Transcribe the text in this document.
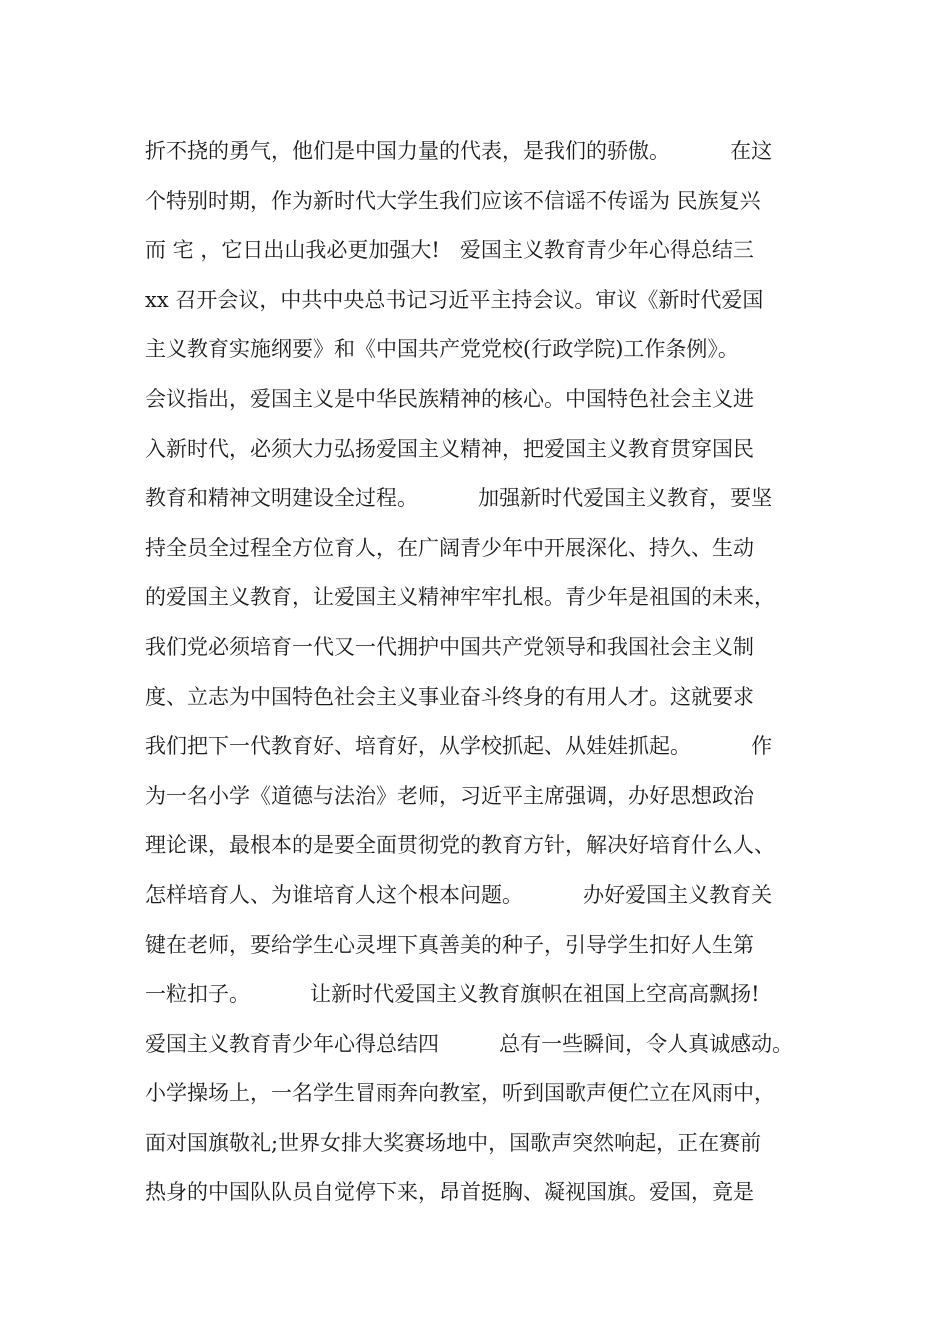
折不挠的勇气，他们是中国力量的代表，是我们的骄傲。         在这
个特别时期，作为新时代大学生我们应该不信谣不传谣为 民族复兴
而 宅 ，它日出山我必更加强大!   爱国主义教育青少年心得总结三
xx 召开会议，中共中央总书记习近平主持会议。审议《新时代爱国
主义教育实施纲要》和《中国共产党党校(行政学院)工作条例》。
会议指出，爱国主义是中华民族精神的核心。中国特色社会主义进
入新时代，必须大力弘扬爱国主义精神，把爱国主义教育贯穿国民
教育和精神文明建设全过程。         加强新时代爱国主义教育，要坚
持全员全过程全方位育人，在广阔青少年中开展深化、持久、生动
的爱国主义教育，让爱国主义精神牢牢扎根。青少年是祖国的未来，
我们党必须培育一代又一代拥护中国共产党领导和我国社会主义制
度、立志为中国特色社会主义事业奋斗终身的有用人才。这就要求
我们把下一代教育好、培育好，从学校抓起、从娃娃抓起。         作
为一名小学《道德与法治》老师，习近平主席强调，办好思想政治
理论课，最根本的是要全面贯彻党的教育方针，解决好培育什么人、
怎样培育人、为谁培育人这个根本问题。         办好爱国主义教育关
键在老师，要给学生心灵埋下真善美的种子，引导学生扣好人生第
一粒扣子。         让新时代爱国主义教育旗帜在祖国上空高高飘扬!
爱国主义教育青少年心得总结四         总有一些瞬间，令人真诚感动。
小学操场上，一名学生冒雨奔向教室，听到国歌声便伫立在风雨中，
面对国旗敬礼;世界女排大奖赛场地中，国歌声突然响起，正在赛前
热身的中国队队员自觉停下来，昂首挺胸、凝视国旗。爱国，竟是
